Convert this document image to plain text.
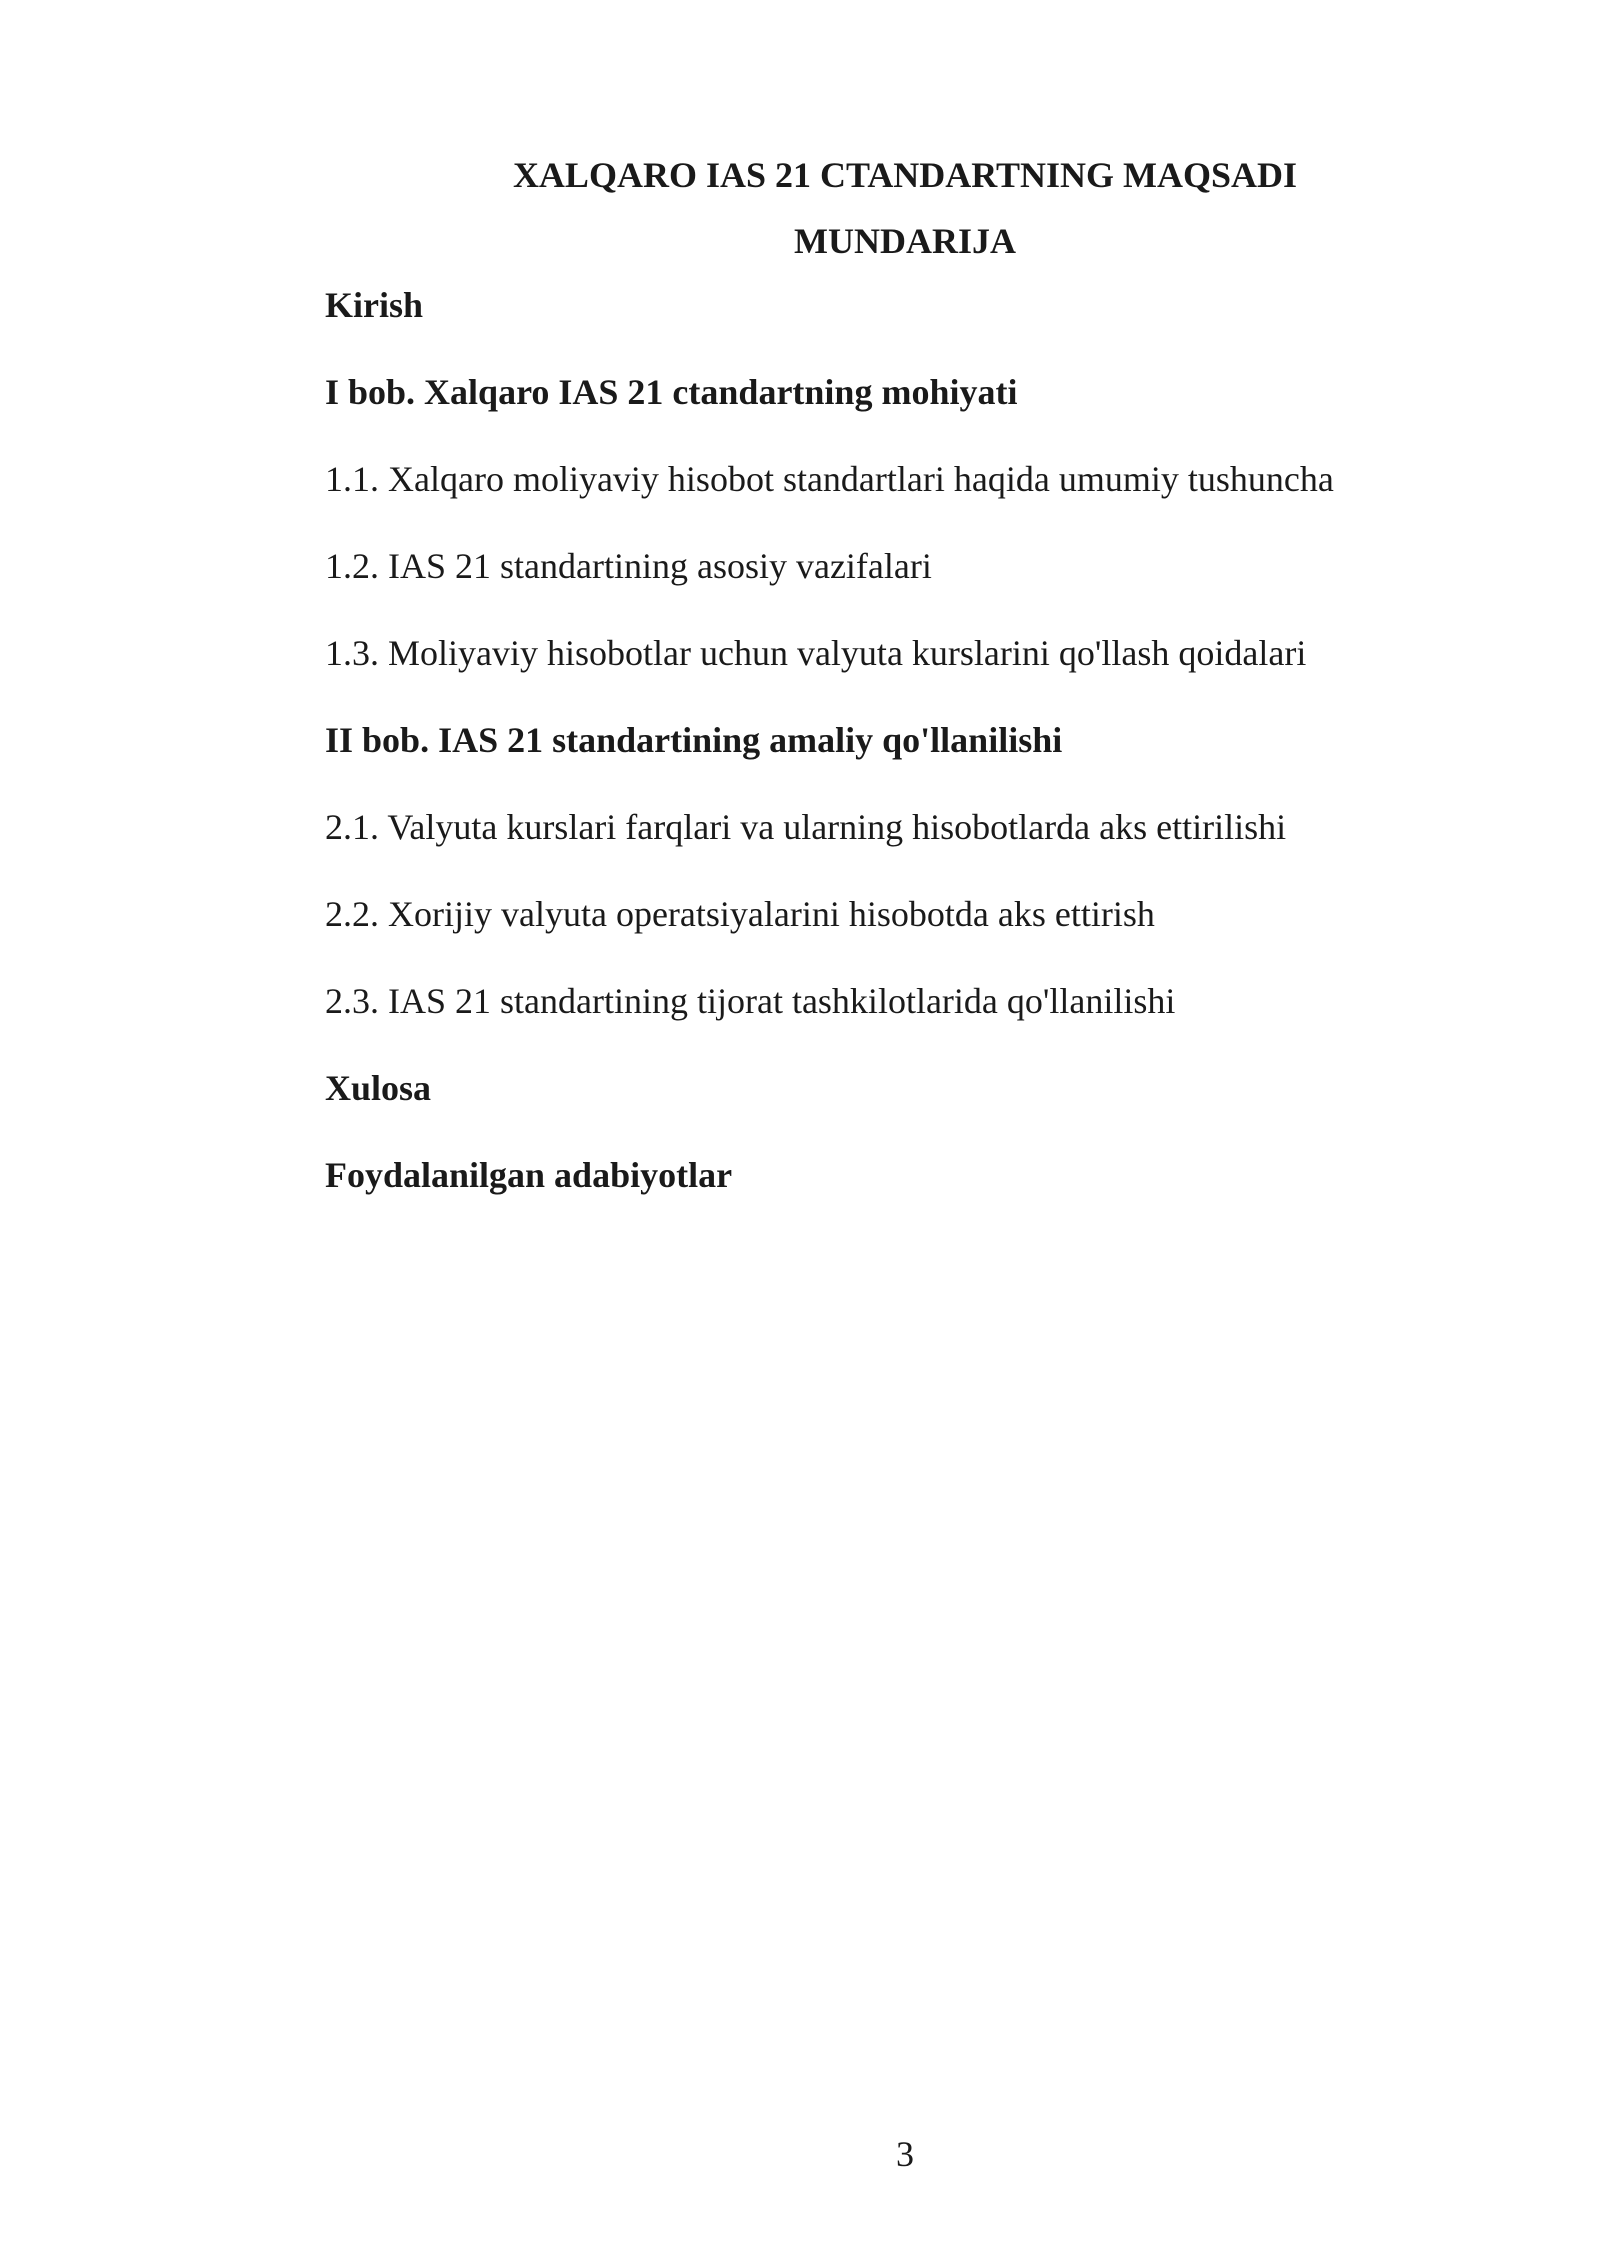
XALQARO IAS 21 CTANDARTNING MAQSADI
MUNDARIJA
Kirish
I bob. Xalqaro IAS 21 ctandartning mohiyati
1.1. Xalqaro moliyaviy hisobot standartlari haqida umumiy tushuncha
1.2. IAS 21 standartining asosiy vazifalari
1.3. Moliyaviy hisobotlar uchun valyuta kurslarini qo'llash qoidalari
II bob. IAS 21 standartining amaliy qo'llanilishi
2.1. Valyuta kurslari farqlari va ularning hisobotlarda aks ettirilishi
2.2. Xorijiy valyuta operatsiyalarini hisobotda aks ettirish
2.3. IAS 21 standartining tijorat tashkilotlarida qo'llanilishi
Xulosa
Foydalanilgan adabiyotlar
3
